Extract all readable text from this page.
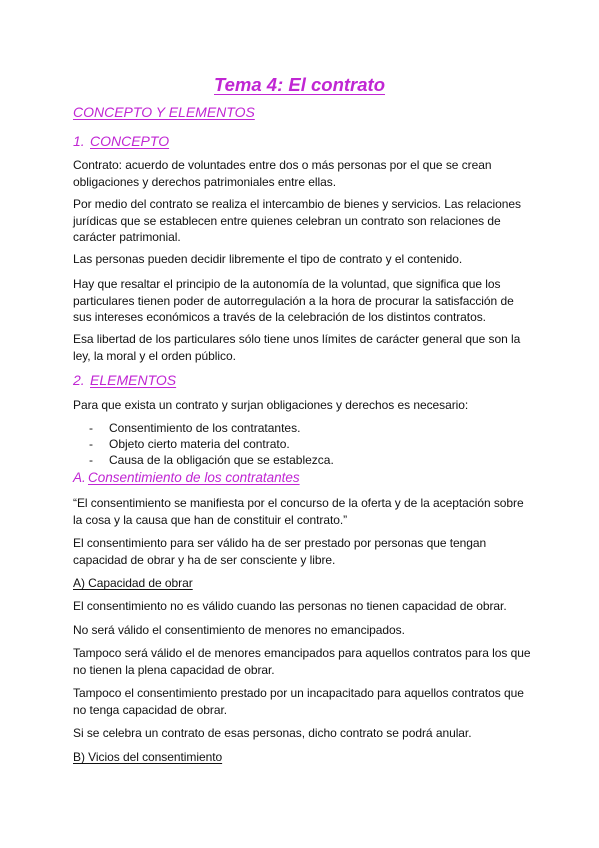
Tema 4: El contrato
CONCEPTO Y ELEMENTOS
1. CONCEPTO

Contrato: acuerdo de voluntades entre dos o más personas por el que se crean obligaciones y derechos patrimoniales entre ellas.

Por medio del contrato se realiza el intercambio de bienes y servicios. Las relaciones jurídicas que se establecen entre quienes celebran un contrato son relaciones de carácter patrimonial.

Las personas pueden decidir libremente el tipo de contrato y el contenido.

Hay que resaltar el principio de la autonomía de la voluntad, que significa que los particulares tienen poder de autorregulación a la hora de procurar la satisfacción de sus intereses económicos a través de la celebración de los distintos contratos.

Esa libertad de los particulares sólo tiene unos límites de carácter general que son la ley, la moral y el orden público.

2. ELEMENTOS

Para que exista un contrato y surjan obligaciones y derechos es necesario:

- Consentimiento de los contratantes.
- Objeto cierto materia del contrato.
- Causa de la obligación que se establezca.
A. Consentimiento de los contratantes

“El consentimiento se manifiesta por el concurso de la oferta y de la aceptación sobre la cosa y la causa que han de constituir el contrato.”

El consentimiento para ser válido ha de ser prestado por personas que tengan capacidad de obrar y ha de ser consciente y libre.

A) Capacidad de obrar

El consentimiento no es válido cuando las personas no tienen capacidad de obrar.

No será válido el consentimiento de menores no emancipados.

Tampoco será válido el de menores emancipados para aquellos contratos para los que no tienen la plena capacidad de obrar.

Tampoco el consentimiento prestado por un incapacitado para aquellos contratos que no tenga capacidad de obrar.

Si se celebra un contrato de esas personas, dicho contrato se podrá anular.

B) Vicios del consentimiento
